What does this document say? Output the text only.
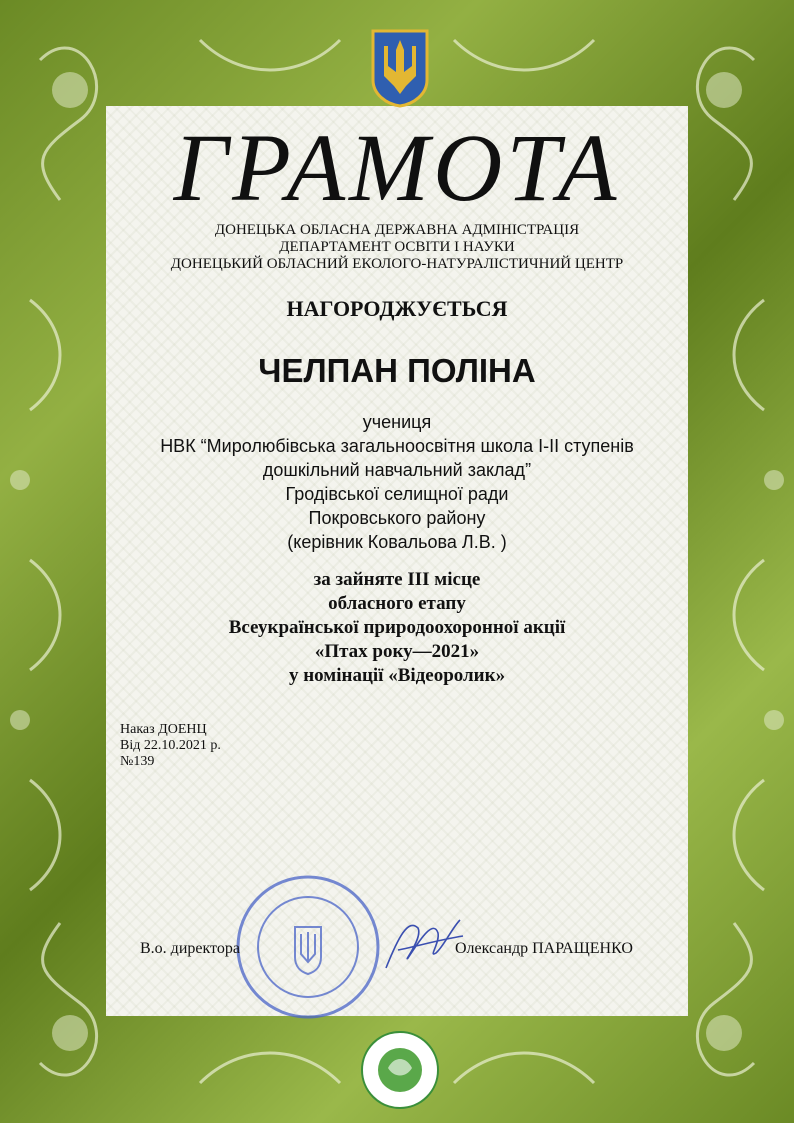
ГРАМОТА
ДОНЕЦЬКА ОБЛАСНА ДЕРЖАВНА АДМІНІСТРАЦІЯ
ДЕПАРТАМЕНТ ОСВІТИ І НАУКИ
ДОНЕЦЬКИЙ ОБЛАСНИЙ ЕКОЛОГО-НАТУРАЛІСТИЧНИЙ ЦЕНТР
НАГОРОДЖУЄТЬСЯ
ЧЕЛПАН ПОЛІНА
учениця
НВК “Миролюбівська загальноосвітня школа I-II ступенів
дошкільний навчальний заклад”
Гродівської селищної ради
Покровського району
(керівник Ковальова Л.В. )
за зайняте ІІІ місце
обласного етапу
Всеукраїнської природоохоронної акції
«Птах року—2021»
у номінації «Відеоролик»
Наказ ДОЕНЦ
Від 22.10.2021 р.
№139
В.о. директора	Олександр ПАРАЩЕНКО
